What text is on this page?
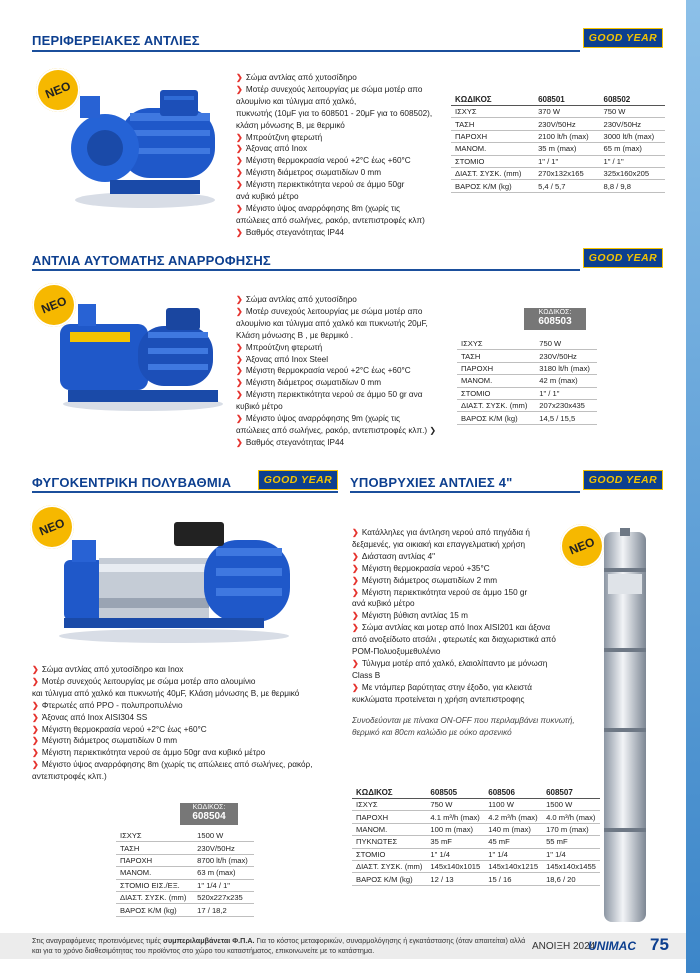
ΠΕΡΙΦΕΡΕΙΑΚΕΣ ΑΝΤΛΙΕΣ	GOOD YEAR
ΝΕΟ
❯ Σώμα αντλίας από χυτοσίδηρο
❯ Μοτέρ συνεχούς λειτουργίας με σώμα μοτέρ απο
αλουμίνιο και τύλιγμα από χαλκό,
πυκνωτής (10μF για το 608501 - 20μF για το 608502),
κλάση μόνωσης Β, με θερμικό
❯ Μπρούτζινη φτερωτή
❯ Άξονας από Inox
❯ Μέγιστη θερμοκρασία νερού +2°C έως +60°C
❯ Μέγιστη διάμετρος σωματιδίων 0 mm
❯ Μέγιστη περιεκτικότητα νερού σε άμμο 50gr
ανά κυβικό μέτρο
❯ Μέγιστο ύψος αναρρόφησης 8m (χωρίς τις
απώλειες από σωλήνες, ρακόρ, αντεπιστροφές κλπ)
❯ Βαθμός στεγανότητας IP44
ΚΩΔΙΚΟΣ	608501	608502
ΙΣΧΥΣ	370 W	750 W
ΤΑΣΗ	230V/50Hz	230V/50Hz
ΠΑΡΟΧΗ	2100 lt/h (max)	3000 lt/h (max)
ΜΑΝΟΜ.	35 m (max)	65 m (max)
ΣΤΟΜΙΟ	1" / 1"	1" / 1"
ΔΙΑΣΤ. ΣΥΣΚ. (mm)	270x132x165	325x160x205
ΒΑΡΟΣ Κ/Μ (kg)	5,4 / 5,7	8,8 / 9,8
ΑΝΤΛΙΑ ΑΥΤΟΜΑΤΗΣ ΑΝΑΡΡΟΦΗΣΗΣ	GOOD YEAR
ΝΕΟ	❯ Σώμα αντλίας από χυτοσίδηρο
❯ Μοτέρ συνεχούς λειτουργίας με σώμα μοτέρ απο
αλουμίνιο και τύλιγμα από χαλκό και πυκνωτής 20μF,
Κλάση μόνωσης Β , με θερμικό .
❯ Μπρούτζινη φτερωτή
❯ Άξονας από Inox Steel
❯ Μέγιστη θερμοκρασία νερού +2°C έως +60°C
❯ Μέγιστη διάμετρος σωματιδίων 0 mm
❯ Μέγιστη περιεκτικότητα νερού σε άμμο 50 gr ανα
κυβικό μέτρο
❯ Μέγιστο ύψος αναρρόφησης 9m (χωρίς τις
απώλειες από σωλήνες, ρακόρ, αντεπιστροφές κλπ.) ❯
❯ Βαθμός στεγανότητας IP44
ΚΩΔΙΚΟΣ:
608503
ΙΣΧΥΣ	750 W
ΤΑΣΗ	230V/50Hz
ΠΑΡΟΧΗ	3180 lt/h (max)
ΜΑΝΟΜ.	42 m (max)
ΣΤΟΜΙΟ	1" / 1"
ΔΙΑΣΤ. ΣΥΣΚ. (mm)	207x230x435
ΒΑΡΟΣ Κ/Μ (kg)	14,5 / 15,5
ΦΥΓΟΚΕΝΤΡΙΚΗ ΠΟΛΥΒΑΘΜΙΑ	GOOD YEAR
ΝΕΟ
❯ Σώμα αντλίας από χυτοσίδηρο και Inox
❯ Μοτέρ συνεχούς λειτουργίας με σώμα μοτέρ απο αλουμίνιο
και τύλιγμα από χαλκό και πυκνωτής 40μF, Κλάση μόνωσης Β, με θερμικό
❯ Φτερωτές από PPO - πολυπροπυλένιο
❯ Άξονας από Inox AISI304 SS
❯ Μέγιστη θερμοκρασία νερού +2°C έως +60°C
❯ Μέγιστη διάμετρος σωματιδίων 0 mm
❯ Μέγιστη περιεκτικότητα νερού σε άμμο 50gr ανα κυβικό μέτρο
❯ Μέγιστο ύψος αναρρόφησης 8m (χωρίς τις απώλειες από σωλήνες, ρακόρ,
αντεπιστροφές κλπ.)
ΚΩΔΙΚΟΣ:
608504
ΙΣΧΥΣ	1500 W
ΤΑΣΗ	230V/50Hz
ΠΑΡΟΧΗ	8700 lt/h (max)
ΜΑΝΟΜ.	63 m (max)
ΣΤΟΜΙΟ ΕΙΣ./ΕΞ.	1" 1/4 / 1"
ΔΙΑΣΤ. ΣΥΣΚ. (mm)	520x227x235
ΒΑΡΟΣ Κ/Μ (kg)	17 / 18,2
ΥΠΟΒΡΥΧΙΕΣ ΑΝΤΛΙΕΣ 4"	GOOD YEAR
❯ Κατάλληλες για άντληση νερού από πηγάδια ή
δεξαμενές, για οικιακή και επαγγελματική χρήση
❯ Διάσταση αντλίας 4"
❯ Μέγιστη θερμοκρασία νερού +35°C
❯ Μέγιστη διάμετρος σωματιδίων 2 mm
❯ Μέγιστη περιεκτικότητα νερού σε άμμο 150 gr
ανά κυβικό μέτρο
❯ Μέγιστη βύθιση αντλίας 15 m
❯ Σώμα αντλίας και μοτερ από Inox AISI201 και άξονα
από ανοξείδωτο ατσάλι , φτερωτές και διαχωριστικά από
POM-Πολυοξυμεθυλένιο
❯ Τύλιγμα μοτέρ από χαλκό, ελαιολίπαντο με μόνωση
Class B
❯ Με ντάμπερ βαρύτητας στην έξοδο, για κλειστά
κυκλώματα προτείνεται η χρήση αντεπιστροφης
Συνοδεύονται με πίνακα ON-OFF που περιλαμβάνει πυκνωτή,
θερμικό και 80cm καλώδιο με ούκο αρσενικό
ΝΕΟ
ΚΩΔΙΚΟΣ	608505	608506	608507
ΙΣΧΥΣ	750 W	1100 W	1500 W
ΠΑΡΟΧΗ	4.1 m³/h (max)	4.2 m³/h (max)	4.0 m³/h (max)
ΜΑΝΟΜ.	100 m (max)	140 m (max)	170 m (max)
ΠΥΚΝΩΤΕΣ	35 mF	45 mF	55 mF
ΣΤΟΜΙΟ	1" 1/4	1" 1/4	1" 1/4
ΔΙΑΣΤ. ΣΥΣΚ. (mm)	145x140x1015	145x140x1215	145x140x1455
ΒΑΡΟΣ Κ/Μ (kg)	12 / 13	15 / 16	18,6 / 20
Στις αναγραφόμενες προτεινόμενες τιμές συμπεριλαμβάνεται Φ.Π.Α. Για το κόστος μεταφορικών, συναρμολόγησης ή εγκατάστασης (όταν απαιτείται) αλλά και για το χρόνο διαθεσιμότητας του προϊόντος στο χώρο του καταστήματος, επικοινωνείτε με το κατάστημα.	ΑΝΟΙΞΗ 2024
UNIMAC 75
